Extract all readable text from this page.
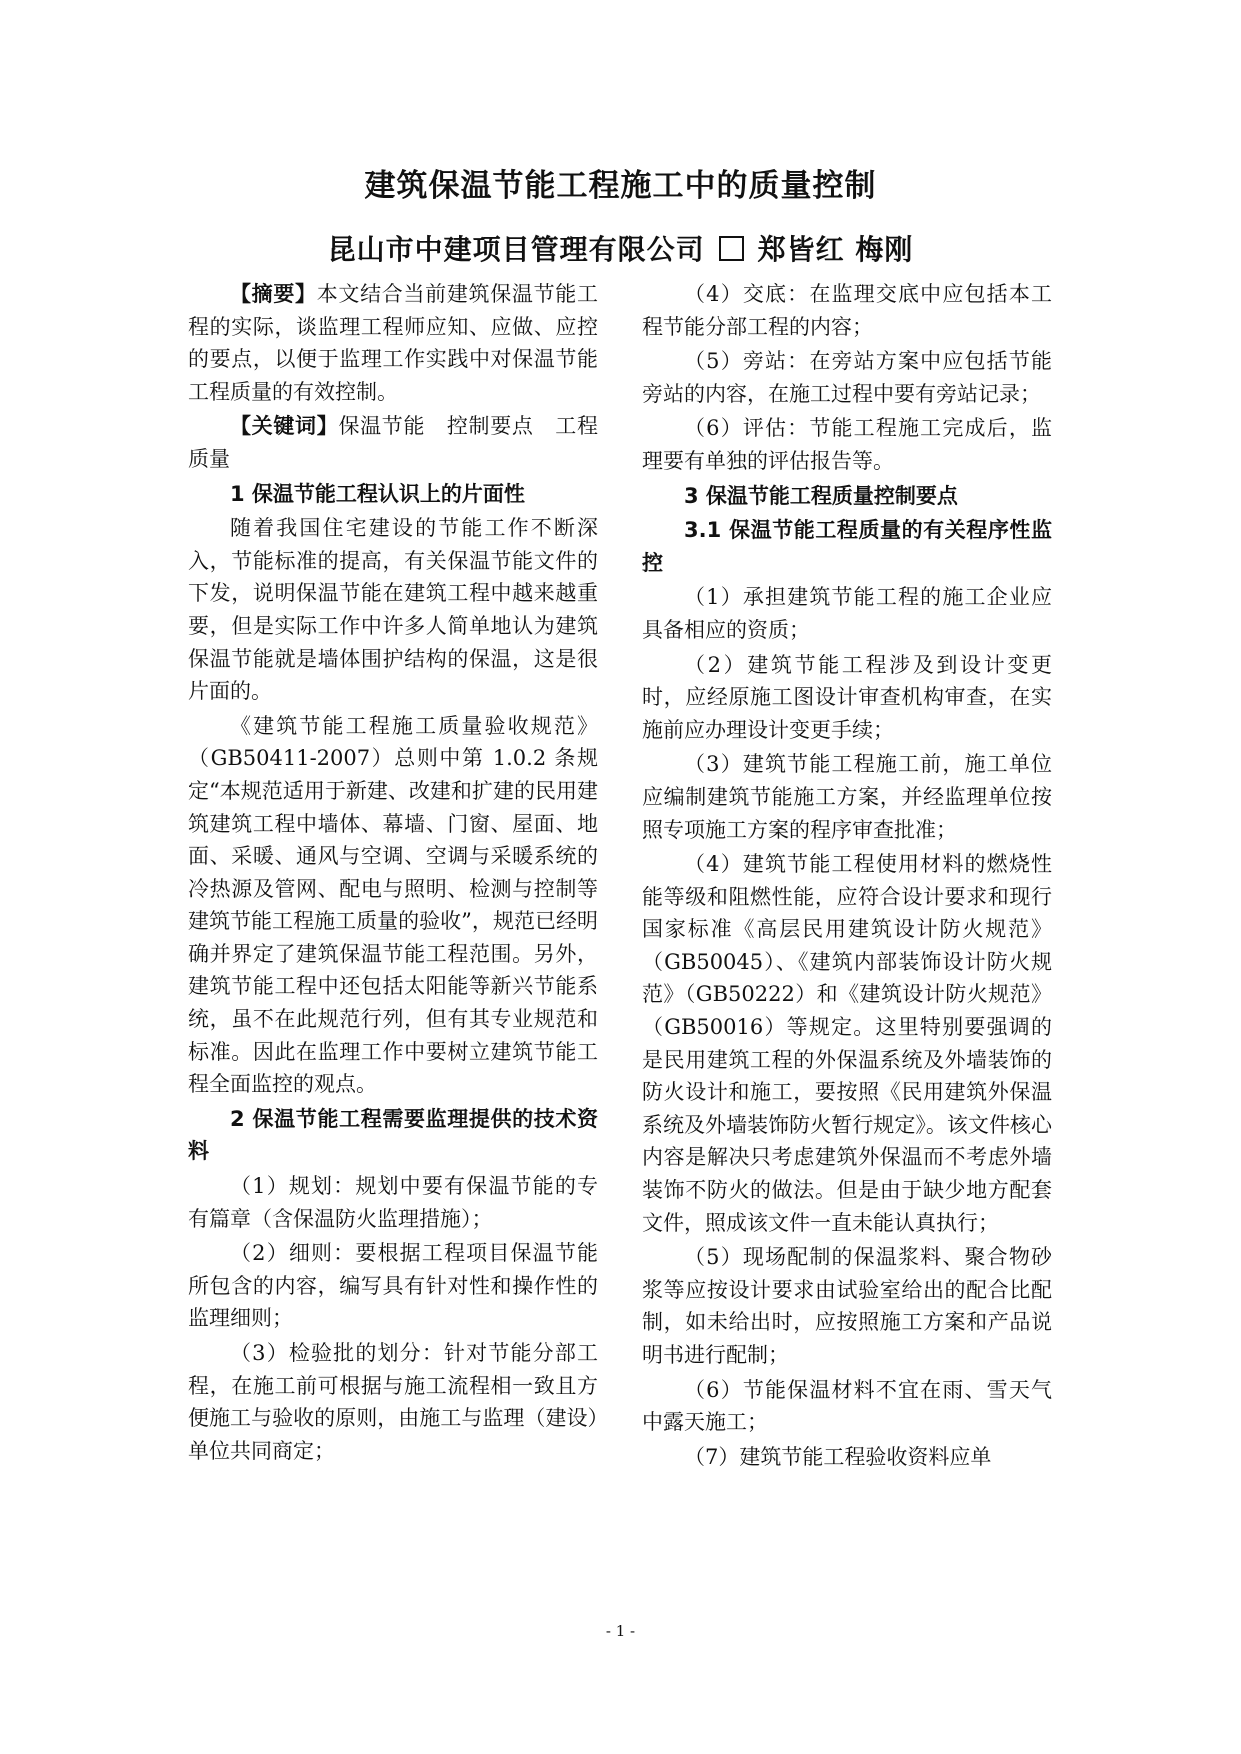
建筑保温节能工程施工中的质量控制
昆山市中建项目管理有限公司 郑皆红 梅刚

【摘要】本文结合当前建筑保温节能工程的实际，谈监理工程师应知、应做、应控的要点，以便于监理工作实践中对保温节能工程质量的有效控制。

【关键词】保温节能　控制要点　工程质量

1 保温节能工程认识上的片面性

随着我国住宅建设的节能工作不断深入，节能标准的提高，有关保温节能文件的下发，说明保温节能在建筑工程中越来越重要，但是实际工作中许多人简单地认为建筑保温节能就是墙体围护结构的保温，这是很片面的。

《建筑节能工程施工质量验收规范》（GB50411-2007）总则中第 1.0.2 条规定“本规范适用于新建、改建和扩建的民用建筑建筑工程中墙体、幕墙、门窗、屋面、地面、采暖、通风与空调、空调与采暖系统的冷热源及管网、配电与照明、检测与控制等建筑节能工程施工质量的验收”，规范已经明确并界定了建筑保温节能工程范围。另外，建筑节能工程中还包括太阳能等新兴节能系统，虽不在此规范行列，但有其专业规范和标准。因此在监理工作中要树立建筑节能工程全面监控的观点。

2 保温节能工程需要监理提供的技术资料

（1）规划：规划中要有保温节能的专有篇章（含保温防火监理措施）；

（2）细则：要根据工程项目保温节能所包含的内容，编写具有针对性和操作性的监理细则；

（3）检验批的划分：针对节能分部工程，在施工前可根据与施工流程相一致且方便施工与验收的原则，由施工与监理（建设）单位共同商定；

（4）交底：在监理交底中应包括本工程节能分部工程的内容；

（5）旁站：在旁站方案中应包括节能旁站的内容，在施工过程中要有旁站记录；

（6）评估：节能工程施工完成后，监理要有单独的评估报告等。

3 保温节能工程质量控制要点
3.1 保温节能工程质量的有关程序性监控

（1）承担建筑节能工程的施工企业应具备相应的资质；

（2）建筑节能工程涉及到设计变更时，应经原施工图设计审查机构审查，在实施前应办理设计变更手续；

（3）建筑节能工程施工前，施工单位应编制建筑节能施工方案，并经监理单位按照专项施工方案的程序审查批准；

（4）建筑节能工程使用材料的燃烧性能等级和阻燃性能，应符合设计要求和现行国家标准《高层民用建筑设计防火规范》（GB50045）、《建筑内部装饰设计防火规范》（GB50222）和《建筑设计防火规范》（GB50016）等规定。这里特别要强调的是民用建筑工程的外保温系统及外墙装饰的防火设计和施工，要按照《民用建筑外保温系统及外墙装饰防火暂行规定》。该文件核心内容是解决只考虑建筑外保温而不考虑外墙装饰不防火的做法。但是由于缺少地方配套文件，照成该文件一直未能认真执行；

（5）现场配制的保温浆料、聚合物砂浆等应按设计要求由试验室给出的配合比配制，如未给出时，应按照施工方案和产品说明书进行配制；

（6）节能保温材料不宜在雨、雪天气中露天施工；

（7）建筑节能工程验收资料应单

- 1 -
